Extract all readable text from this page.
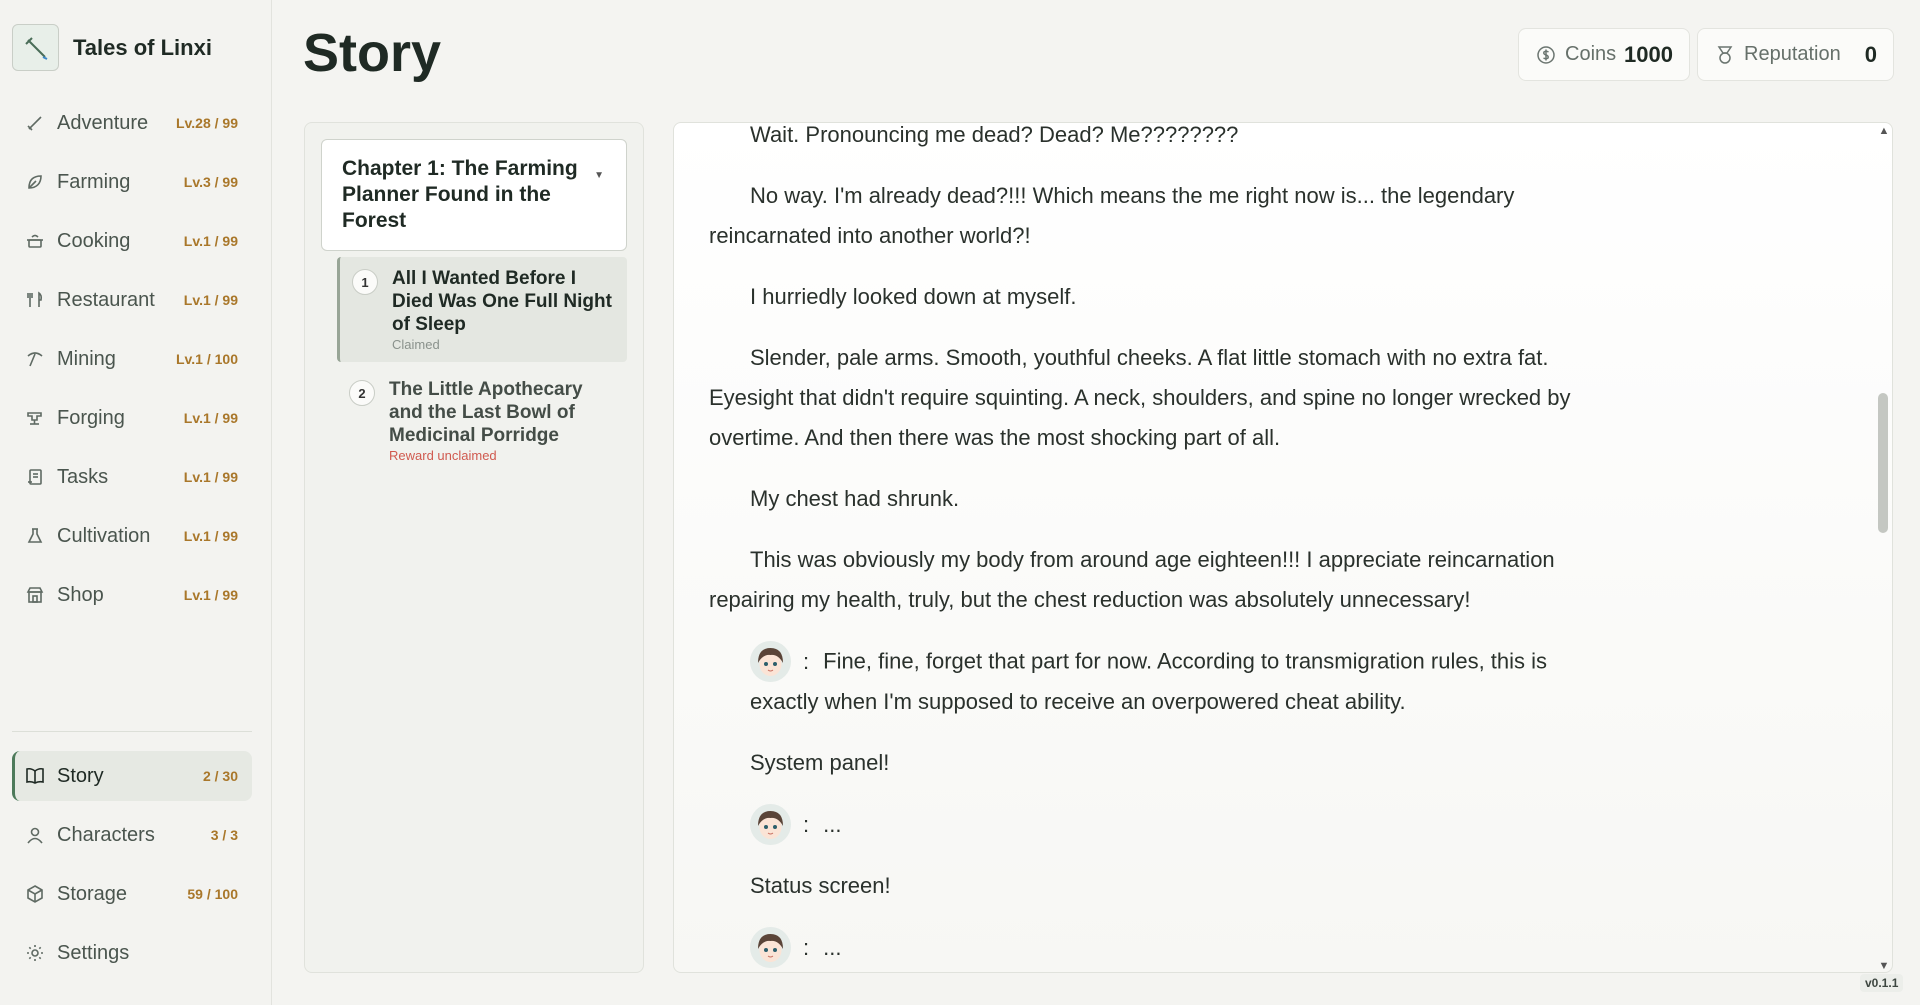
Tales of Linxi
Adventure	Lv.28 / 99
Farming	Lv.3 / 99
Cooking	Lv.1 / 99
Restaurant	Lv.1 / 99
Mining	Lv.1 / 100
Forging	Lv.1 / 99
Tasks	Lv.1 / 99
Cultivation	Lv.1 / 99
Shop	Lv.1 / 99
Story	2 / 30
Characters	3 / 3
Storage	59 / 100
Settings
Story	Coins 1000	Reputation 0
Chapter 1: The Farming Planner Found in the Forest
▼
1	All I Wanted Before I Died Was One Full Night of Sleep
Claimed
2	The Little Apothecary and the Last Bowl of Medicinal Porridge
Reward unclaimed

Wait. Pronouncing me dead? Dead? Me????????

No way. I'm already dead?!!! Which means the me right now is... the legendary reincarnated into another world?!

I hurriedly looked down at myself.

Slender, pale arms. Smooth, youthful cheeks. A flat little stomach with no extra fat. Eyesight that didn't require squinting. A neck, shoulders, and spine no longer wrecked by overtime. And then there was the most shocking part of all.

My chest had shrunk.

This was obviously my body from around age eighteen!!! I appreciate reincarnation repairing my health, truly, but the chest reduction was absolutely unnecessary!

: Fine, fine, forget that part for now. According to transmigration rules, this is exactly when I'm supposed to receive an overpowered cheat ability.

System panel!

: ...

Status screen!

: ...
▲
▼
v0.1.1
